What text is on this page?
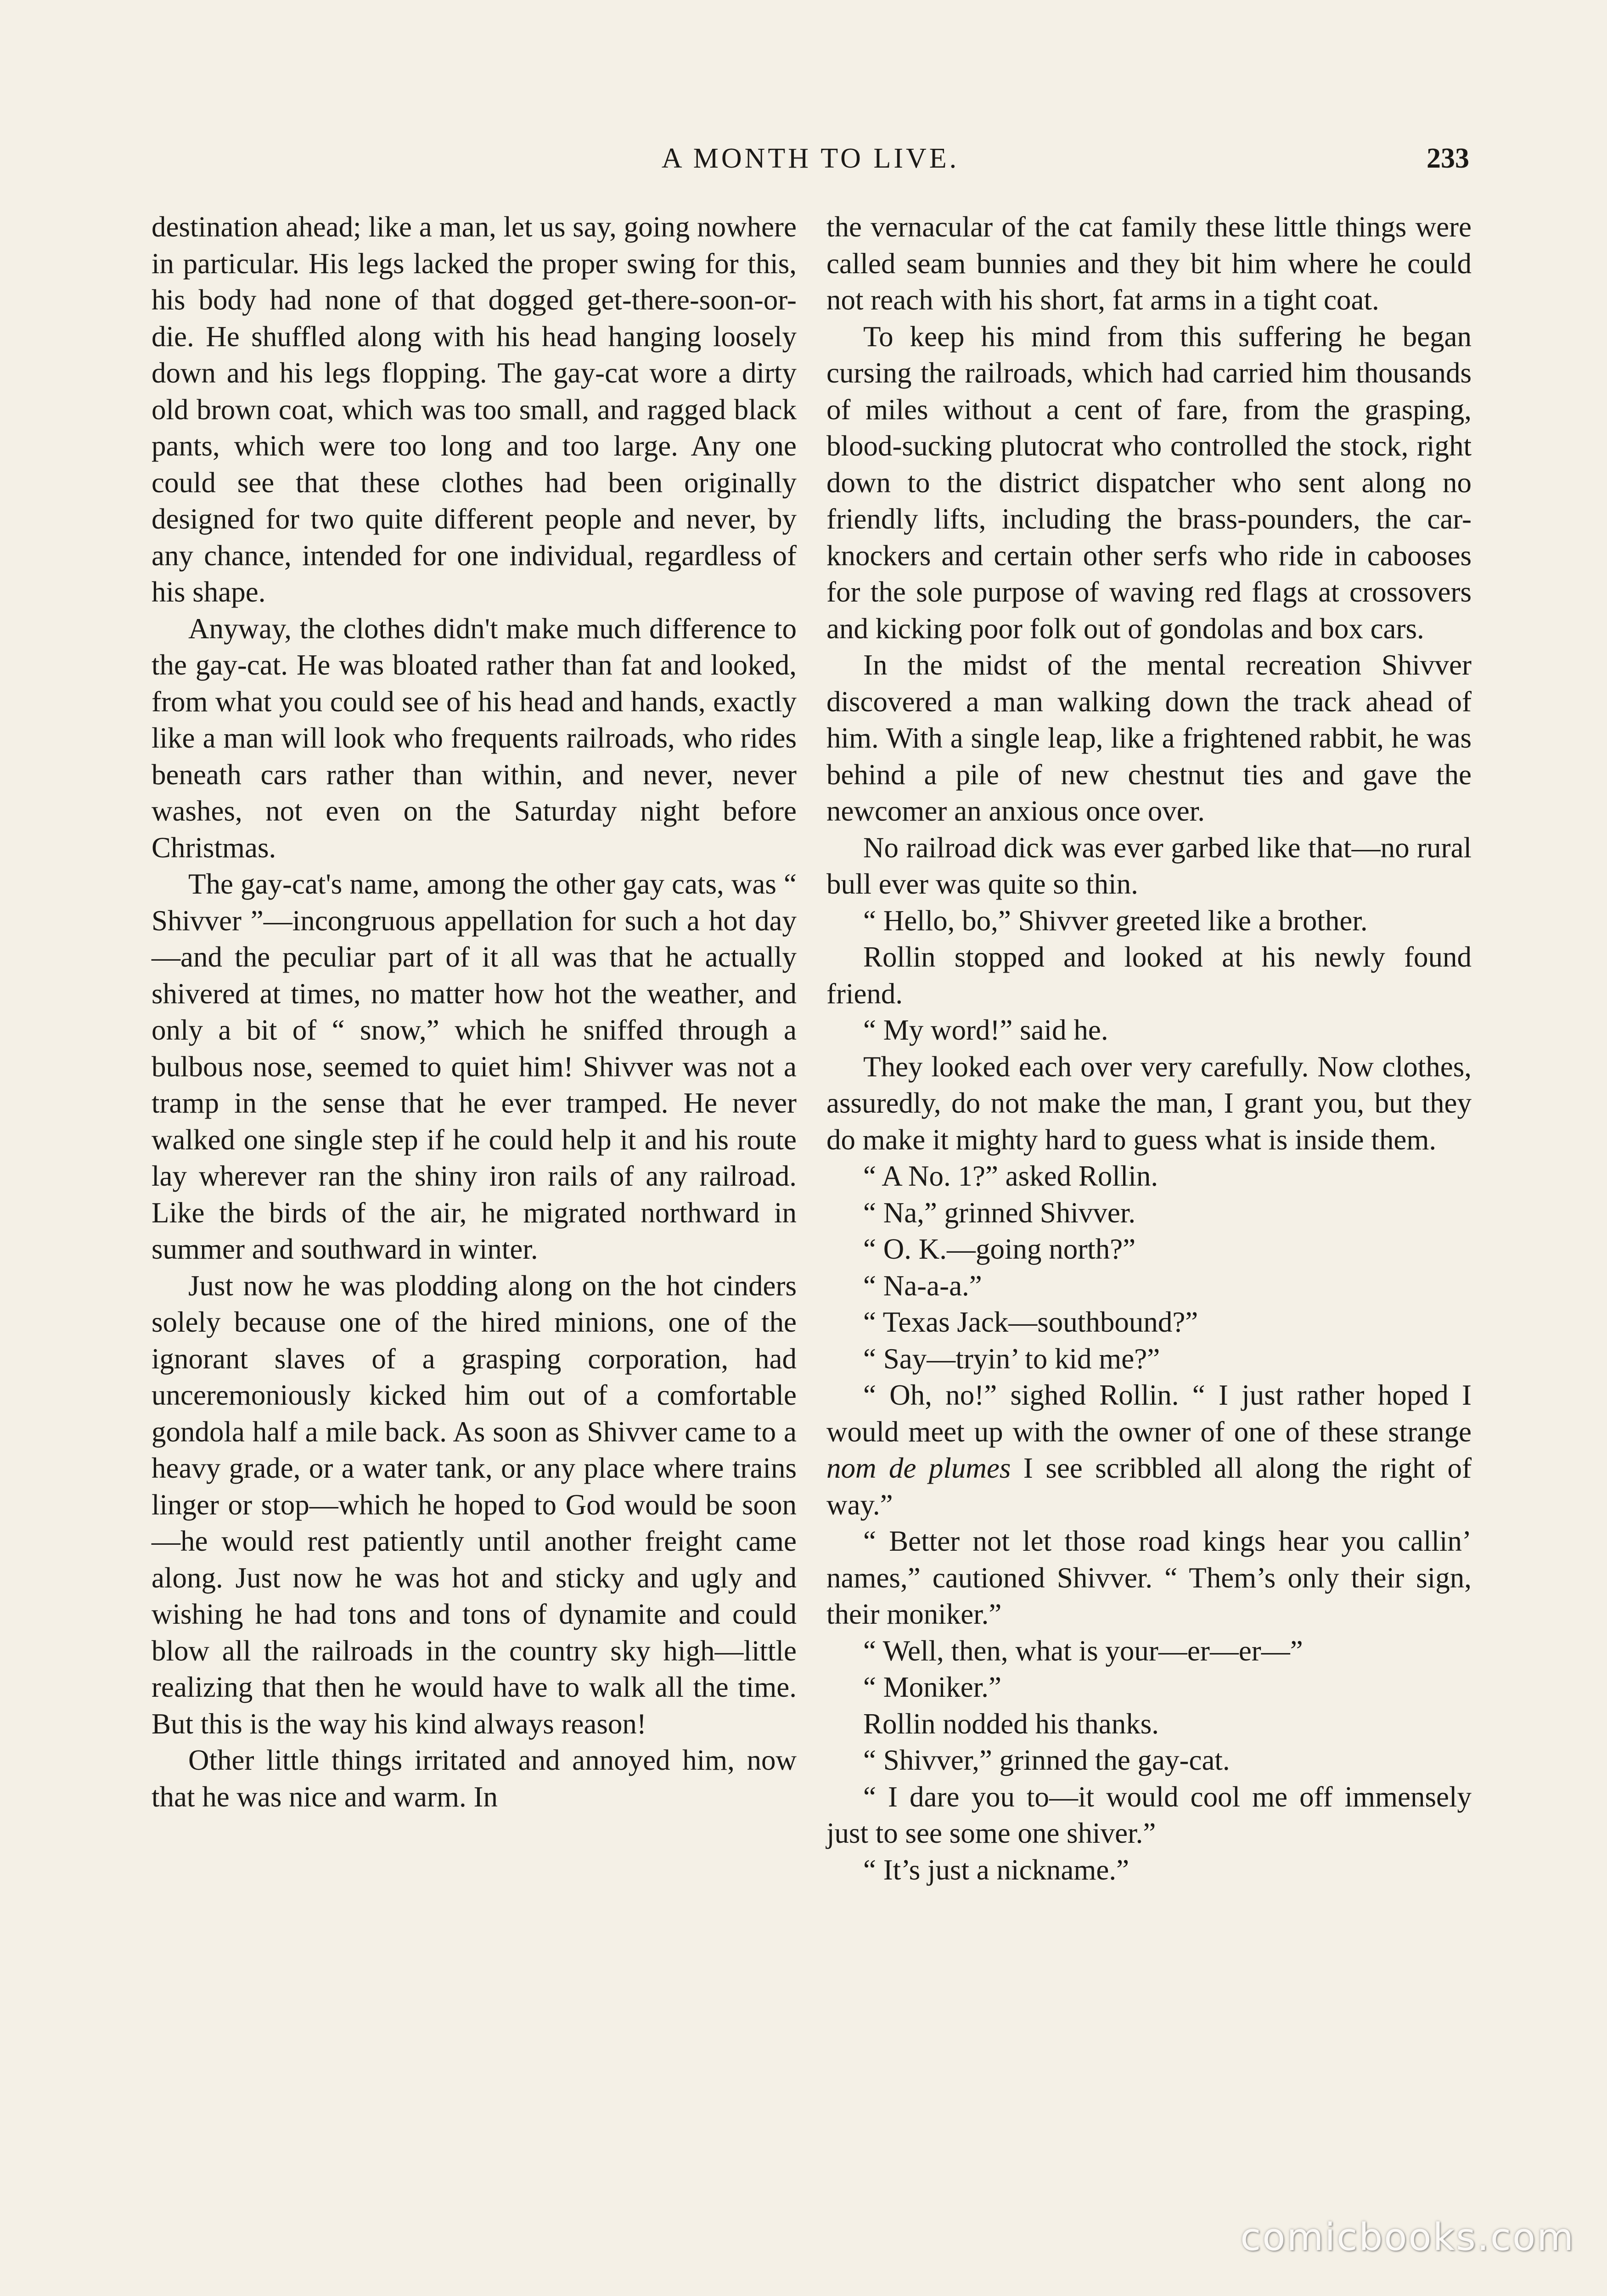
A MONTH TO LIVE.	233

destination ahead; like a man, let us say, going nowhere in particular. His legs lacked the proper swing for this, his body had none of that dogged get-there-soon-or-die. He shuffled along with his head hanging loosely down and his legs flopping. The gay-cat wore a dirty old brown coat, which was too small, and ragged black pants, which were too long and too large. Any one could see that these clothes had been originally designed for two quite different people and never, by any chance, intended for one individual, regardless of his shape.

Anyway, the clothes didn't make much difference to the gay-cat. He was bloated rather than fat and looked, from what you could see of his head and hands, exactly like a man will look who frequents railroads, who rides beneath cars rather than within, and never, never washes, not even on the Saturday night before Christmas.

The gay-cat's name, among the other gay cats, was “ Shivver ”—incongruous appellation for such a hot day—and the peculiar part of it all was that he actually shivered at times, no matter how hot the weather, and only a bit of “ snow,” which he sniffed through a bulbous nose, seemed to quiet him! Shivver was not a tramp in the sense that he ever tramped. He never walked one single step if he could help it and his route lay wherever ran the shiny iron rails of any railroad. Like the birds of the air, he migrated northward in summer and southward in winter.

Just now he was plodding along on the hot cinders solely because one of the hired minions, one of the ignorant slaves of a grasping corporation, had unceremoniously kicked him out of a comfortable gondola half a mile back. As soon as Shivver came to a heavy grade, or a water tank, or any place where trains linger or stop—which he hoped to God would be soon—he would rest patiently until another freight came along. Just now he was hot and sticky and ugly and wishing he had tons and tons of dynamite and could blow all the railroads in the country sky high—little realizing that then he would have to walk all the time. But this is the way his kind always reason!

Other little things irritated and annoyed him, now that he was nice and warm. In

the vernacular of the cat family these little things were called seam bunnies and they bit him where he could not reach with his short, fat arms in a tight coat.

To keep his mind from this suffering he began cursing the railroads, which had carried him thousands of miles without a cent of fare, from the grasping, blood-sucking plutocrat who controlled the stock, right down to the district dispatcher who sent along no friendly lifts, including the brass-pounders, the car-knockers and certain other serfs who ride in cabooses for the sole purpose of waving red flags at crossovers and kicking poor folk out of gondolas and box cars.

In the midst of the mental recreation Shivver discovered a man walking down the track ahead of him. With a single leap, like a frightened rabbit, he was behind a pile of new chestnut ties and gave the newcomer an anxious once over.

No railroad dick was ever garbed like that—no rural bull ever was quite so thin.

“ Hello, bo,” Shivver greeted like a brother.

Rollin stopped and looked at his newly found friend.

“ My word!” said he.

They looked each over very carefully. Now clothes, assuredly, do not make the man, I grant you, but they do make it mighty hard to guess what is inside them.

“ A No. 1?” asked Rollin.

“ Na,” grinned Shivver.

“ O. K.—going north?”

“ Na-a-a.”

“ Texas Jack—southbound?”

“ Say—tryin’ to kid me?”

“ Oh, no!” sighed Rollin. “ I just rather hoped I would meet up with the owner of one of these strange nom de plumes I see scribbled all along the right of way.”

“ Better not let those road kings hear you callin’ names,” cautioned Shivver. “ Them’s only their sign, their moniker.”

“ Well, then, what is your—er—er—”

“ Moniker.”

Rollin nodded his thanks.

“ Shivver,” grinned the gay-cat.

“ I dare you to—it would cool me off immensely just to see some one shiver.”

“ It’s just a nickname.”

comicbooks.com
